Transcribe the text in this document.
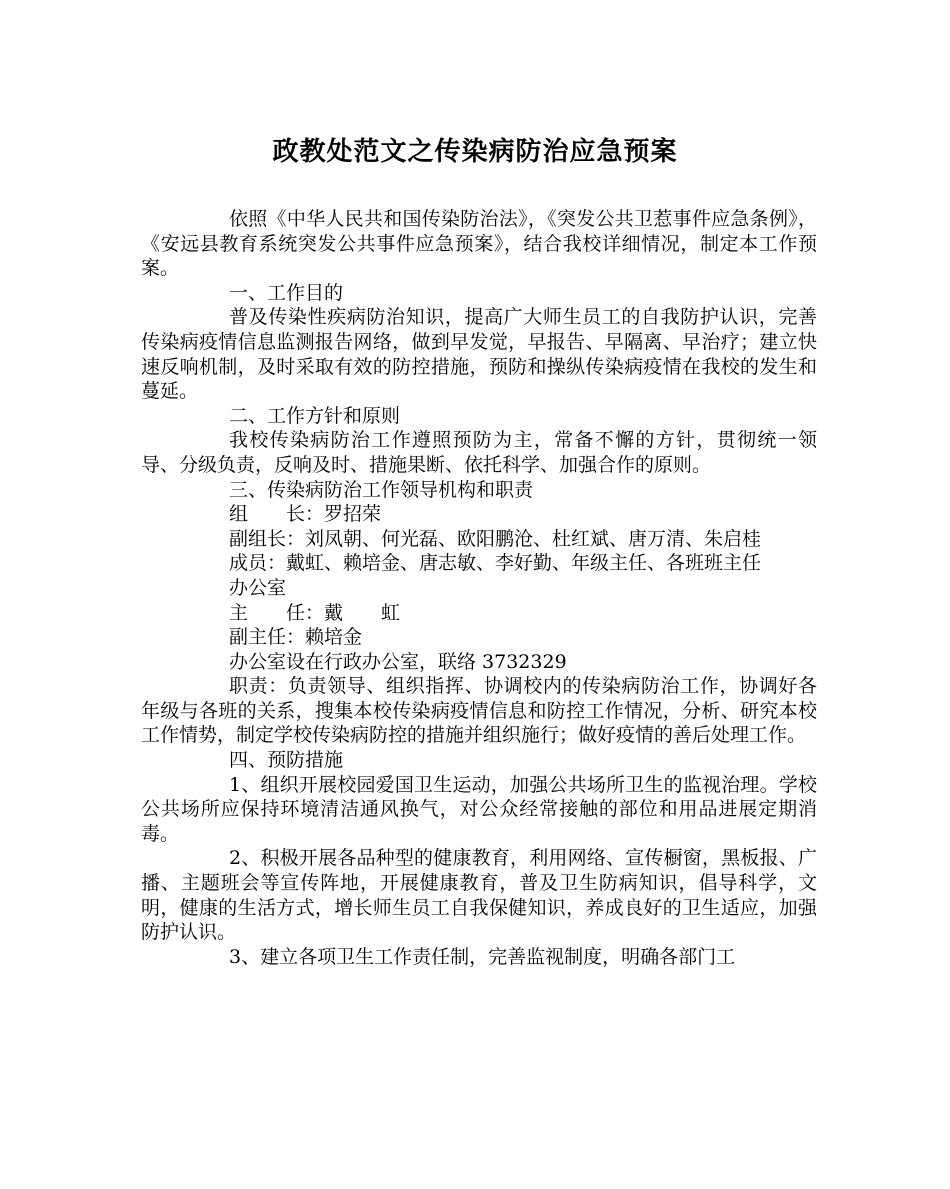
政教处范文之传染病防治应急预案

依照《中华人民共和国传染防治法》，《突发公共卫惹事件应急条例》，《安远县教育系统突发公共事件应急预案》，结合我校详细情况，制定本工作预案。

一、工作目的

普及传染性疾病防治知识，提高广大师生员工的自我防护认识，完善传染病疫情信息监测报告网络，做到早发觉，早报告、早隔离、早治疗；建立快速反响机制，及时采取有效的防控措施，预防和操纵传染病疫情在我校的发生和蔓延。

二、工作方针和原则

我校传染病防治工作遵照预防为主，常备不懈的方针，贯彻统一领导、分级负责，反响及时、措施果断、依托科学、加强合作的原则。

三、传染病防治工作领导机构和职责

组　　长：罗招荣

副组长：刘凤朝、何光磊、欧阳鹏沧、杜红斌、唐万清、朱启桂

成员：戴虹、赖培金、唐志敏、李好勤、年级主任、各班班主任

办公室

主　　任：戴　　虹

副主任：赖培金

办公室设在行政办公室，联络 3732329

职责：负责领导、组织指挥、协调校内的传染病防治工作，协调好各年级与各班的关系，搜集本校传染病疫情信息和防控工作情况，分析、研究本校工作情势，制定学校传染病防控的措施并组织施行；做好疫情的善后处理工作。

四、预防措施

1、组织开展校园爱国卫生运动，加强公共场所卫生的监视治理。学校公共场所应保持环境清洁通风换气，对公众经常接触的部位和用品进展定期消毒。

2、积极开展各品种型的健康教育，利用网络、宣传橱窗，黑板报、广播、主题班会等宣传阵地，开展健康教育，普及卫生防病知识，倡导科学，文明，健康的生活方式，增长师生员工自我保健知识，养成良好的卫生适应，加强防护认识。

3、建立各项卫生工作责任制，完善监视制度，明确各部门工
